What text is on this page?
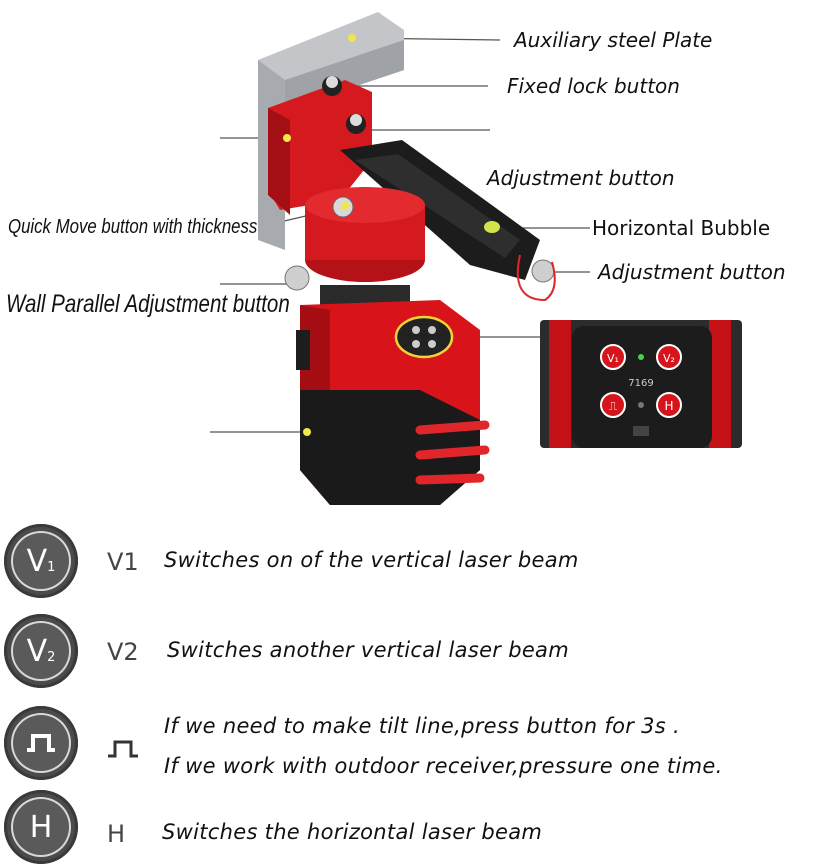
V₁	V₂
⎍	H
7169
Auxiliary steel Plate
Fixed lock button
Adjustment button
Quick Move button with thickness	Horizontal Bubble
Adjustment button
Wall Parallel Adjustment button
$V_1$ V1 Switches on of the vertical laser beam
$V_2$ V2 Switches another vertical laser beam
If we need to make tilt line,press button for 3s .
If we work with outdoor receiver,pressure one time.
H	H Switches the horizontal laser beam
